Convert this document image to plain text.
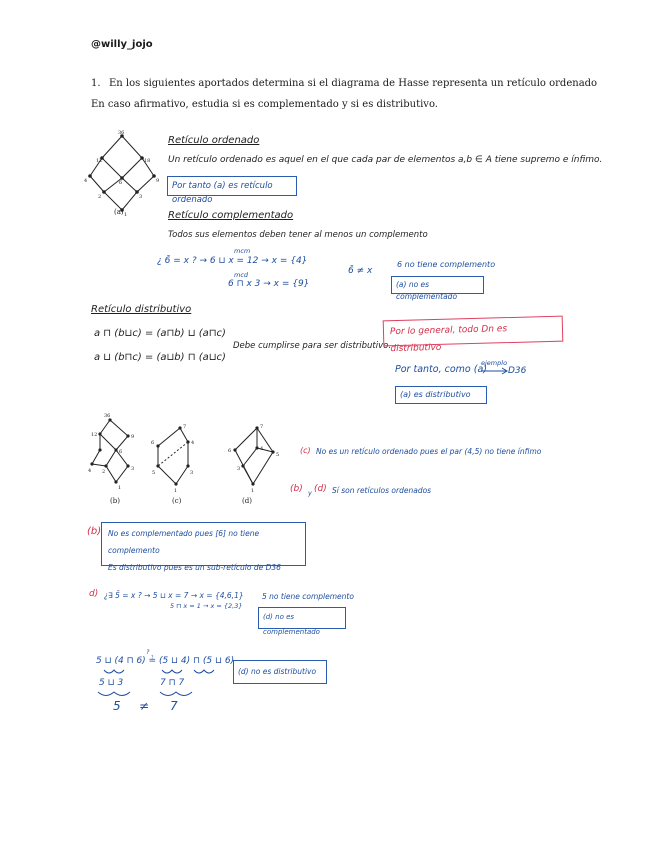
@willy_jojo
1. En los siguientes aportados determina si el diagrama de Hasse representa un retículo ordenado
En caso afirmativo, estudia si es complementado y si es distributivo.
36
12	18
6
4
2
9
3
1
(a)
Retículo ordenado
Un retículo ordenado es aquel en el que cada par de elementos a,b ∈ A tiene supremo e ínfimo.
Por tanto (a) es retículo ordenado
Retículo complementado
Todos sus elementos deben tener al menos un complemento
mcm
¿ 6̄ = x ? → 6 ⊔ x = 12 → x = {4}
mcd
6 ⊓ x 3 → x = {9}
6̄ ≠ x
6 no tiene complemento
(a) no es complementado
Retículo distributivo
a ⊓ (b⊔c) = (a⊓b) ⊔ (a⊓c)
a ⊔ (b⊓c) = (a⊔b) ⊓ (a⊔c)
Debe cumplirse para ser distributivo.
Por lo general, todo Dn es distributivo
Por tanto, como (a)
ejemplo
D36
(a) es distributivo
36
12	9
4
6
3
2
1
(b)
7
6	4
1
5	3
(c)
7
6	4
5
1
3
(d)
(c) No es un retículo ordenado pues el par (4,5) no tiene ínfimo
(b) y (d) Sí son retículos ordenados
(b) No es complementado pues [6] no tiene complemento
Es distributivo pues es un sub-retículo de D36
d) ¿∃ 5̄ = x ? → 5 ⊔ x = 7 → x = {4,6,1}
5 ⊓ x = 1 → x = {2,3}
5 no tiene complemento
(d) no es complementado
?
5 ⊔ (4 ⊓ 6) ≟ (5 ⊔ 4) ⊓ (5 ⊔ 6)
5 ⊔ 3	7 ⊓ 7
5 ≠ 7
(d) no es distributivo
